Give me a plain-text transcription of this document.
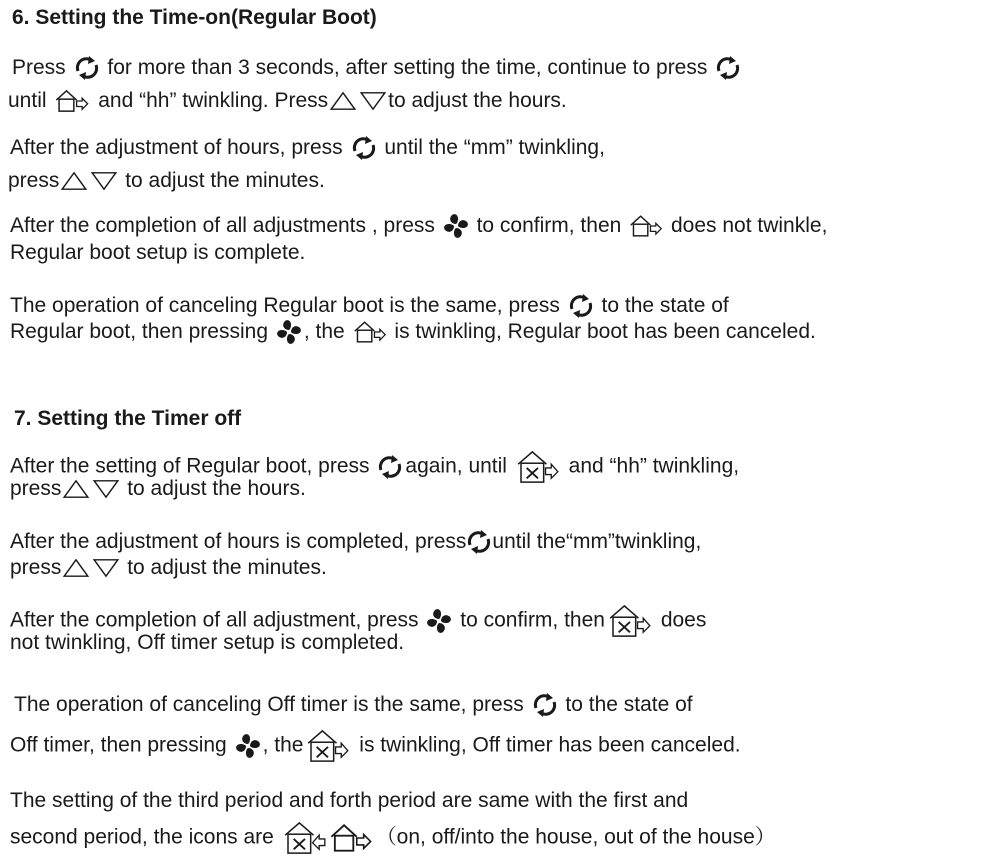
6. Setting the Time-on(Regular Boot)
Press for more than 3 seconds, after setting the time, continue to press
until and “hh” twinkling. Press	to adjust the hours.
After the adjustment of hours, press until the “mm” twinkling,
press	to adjust the minutes.
After the completion of all adjustments , press to confirm, then does not twinkle,
Regular boot setup is complete.
The operation of canceling Regular boot is the same, press to the state of
Regular boot, then pressing , the is twinkling, Regular boot has been canceled.
7. Setting the Timer off
After the setting of Regular boot, press again, until	and “hh” twinkling,
press	to adjust the hours.
After the adjustment of hours is completed, press until the“mm”twinkling,
press	to adjust the minutes.
After the completion of all adjustment, press to confirm, then	does
not twinkling, Off timer setup is completed.
The operation of canceling Off timer is the same, press to the state of
Off timer, then pressing , the	is twinkling, Off timer has been canceled.
The setting of the third period and forth period are same with the first and
second period, the icons are	（on, off/into the house, out of the house）
